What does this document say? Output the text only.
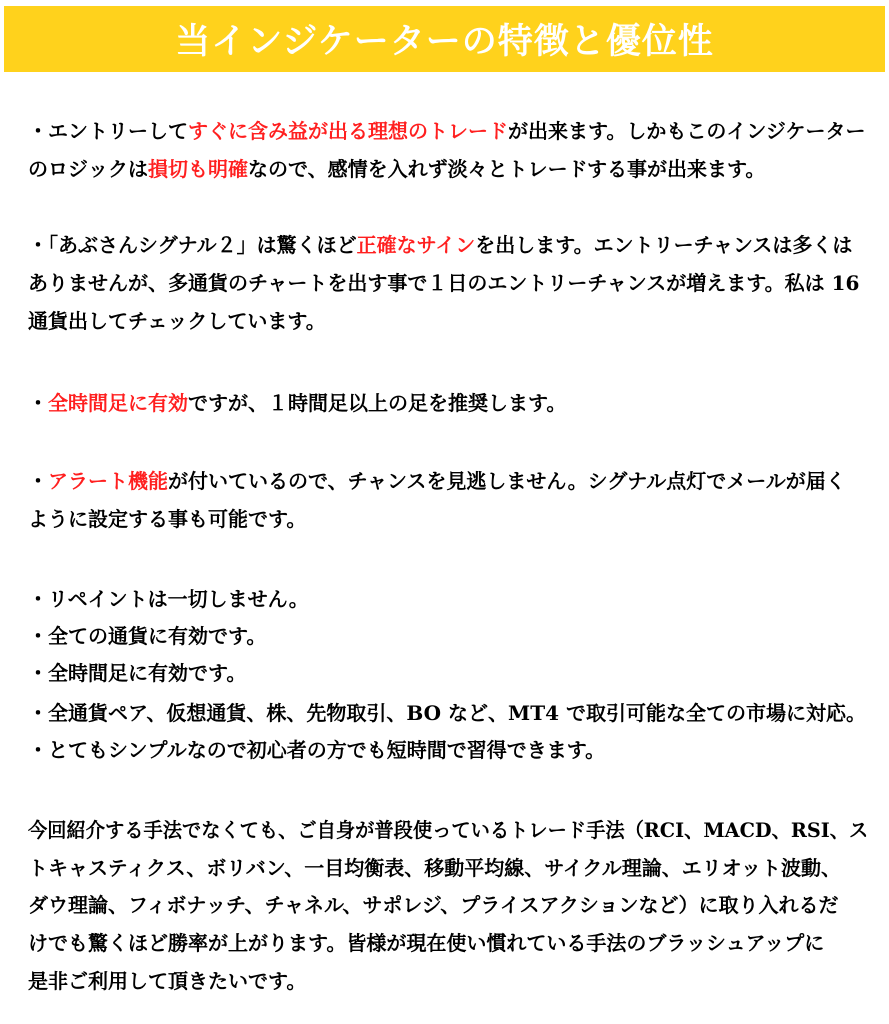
当インジケーターの特徴と優位性
・エントリーしてすぐに含み益が出る理想のトレードが出来ます。しかもこのインジケーター
のロジックは損切も明確なので、感情を入れず淡々とトレードする事が出来ます。
・「あぶさんシグナル２」は驚くほど正確なサインを出します。エントリーチャンスは多くは
ありませんが、多通貨のチャートを出す事で１日のエントリーチャンスが増えます。私は 16
通貨出してチェックしています。
・全時間足に有効ですが、１時間足以上の足を推奨します。
・アラート機能が付いているので、チャンスを見逃しません。シグナル点灯でメールが届く
ように設定する事も可能です。
・リペイントは一切しません。
・全ての通貨に有効です。
・全時間足に有効です。
・全通貨ペア、仮想通貨、株、先物取引、BO など、MT4 で取引可能な全ての市場に対応。
・とてもシンプルなので初心者の方でも短時間で習得できます。
今回紹介する手法でなくても、ご自身が普段使っているトレード手法（RCI、MACD、RSI、ス
トキャスティクス、ボリバン、一目均衡表、移動平均線、サイクル理論、エリオット波動、
ダウ理論、フィボナッチ、チャネル、サポレジ、プライスアクションなど）に取り入れるだ
けでも驚くほど勝率が上がります。皆様が現在使い慣れている手法のブラッシュアップに
是非ご利用して頂きたいです。
